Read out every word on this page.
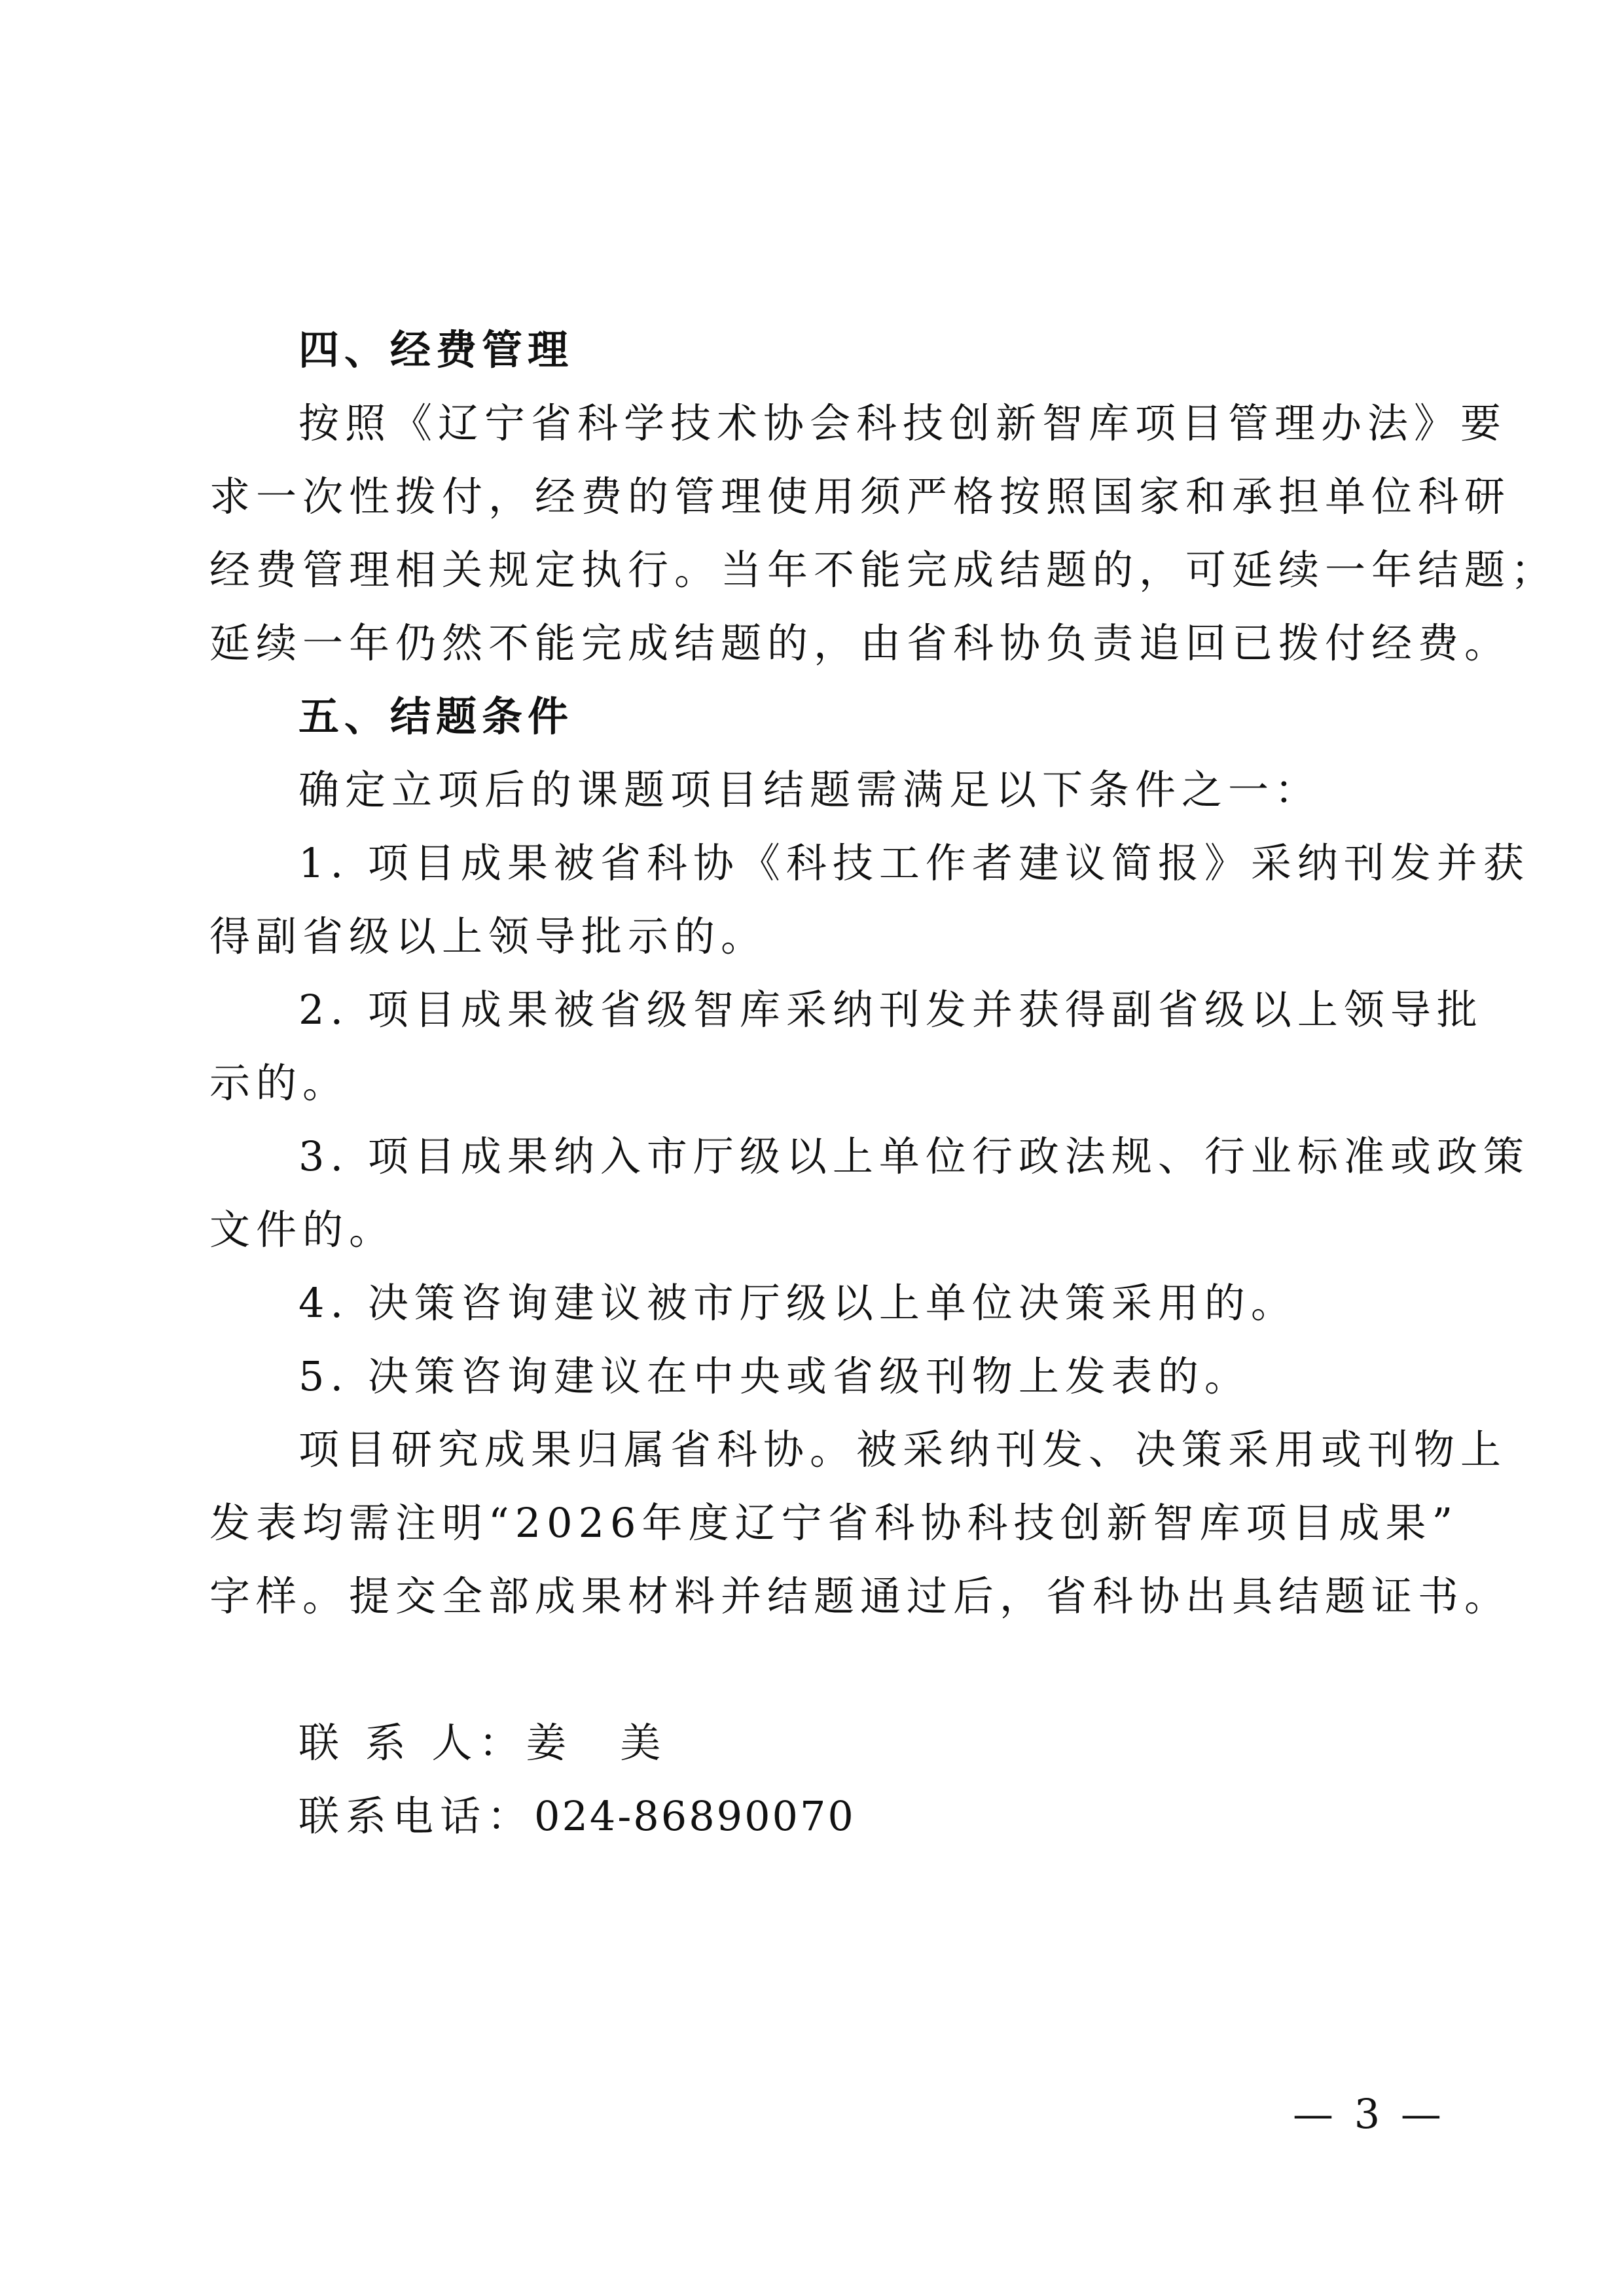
四、经费管理

按照《辽宁省科学技术协会科技创新智库项目管理办法》要

求一次性拨付，经费的管理使用须严格按照国家和承担单位科研

经费管理相关规定执行。当年不能完成结题的，可延续一年结题；

延续一年仍然不能完成结题的，由省科协负责追回已拨付经费。

五、结题条件

确定立项后的课题项目结题需满足以下条件之一：

1. 项目成果被省科协《科技工作者建议简报》采纳刊发并获

得副省级以上领导批示的。

2. 项目成果被省级智库采纳刊发并获得副省级以上领导批

示的。

3. 项目成果纳入市厅级以上单位行政法规、行业标准或政策

文件的。

4. 决策咨询建议被市厅级以上单位决策采用的。

5. 决策咨询建议在中央或省级刊物上发表的。

项目研究成果归属省科协。被采纳刊发、决策采用或刊物上

发表均需注明“2026年度辽宁省科协科技创新智库项目成果”

字样。提交全部成果材料并结题通过后，省科协出具结题证书。

联 系 人：姜　美

联系电话：024-86890070

— 3 —
